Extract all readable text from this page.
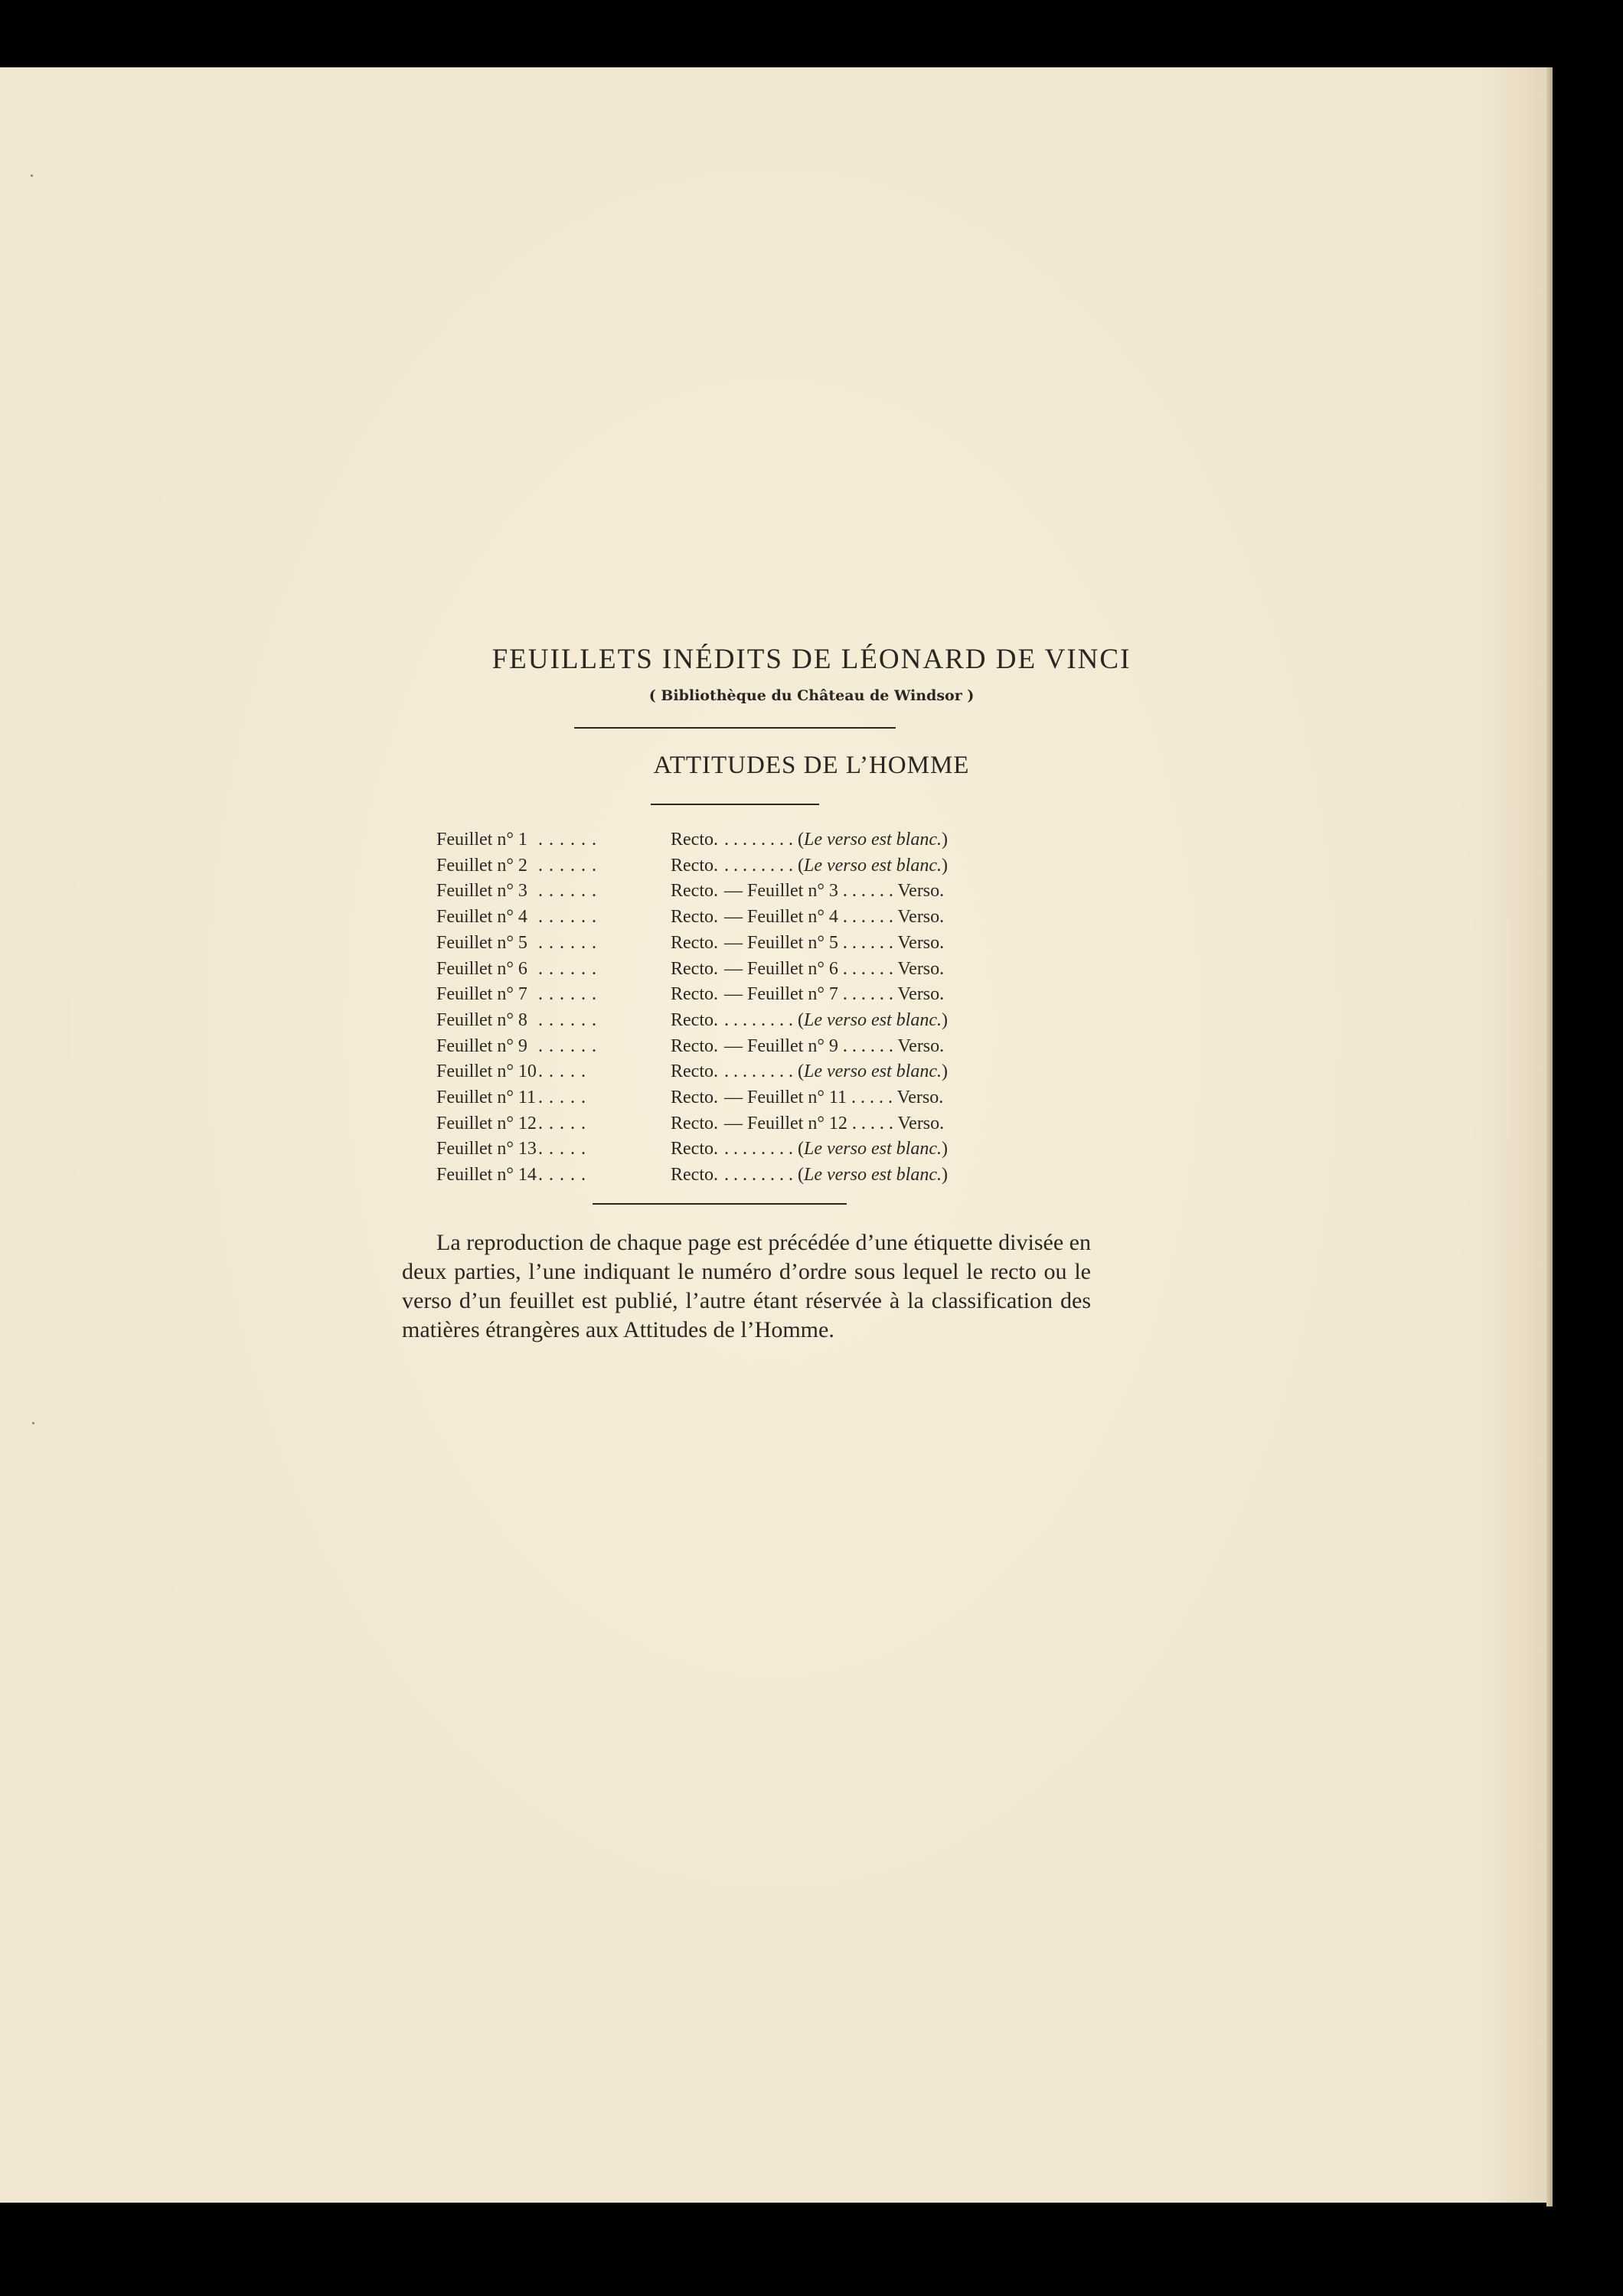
FEUILLETS INÉDITS DE LÉONARD DE VINCI
( Bibliothèque du Château de Windsor )
ATTITUDES DE L’HOMME
Feuillet n° 1 . . . . . .	Recto. . . . . . . . . (Le verso est blanc.)
Feuillet n° 2 . . . . . .	Recto. . . . . . . . . (Le verso est blanc.)
Feuillet n° 3 . . . . . .	Recto. — Feuillet n° 3 . . . . . . Verso.
Feuillet n° 4 . . . . . .	Recto. — Feuillet n° 4 . . . . . . Verso.
Feuillet n° 5 . . . . . .	Recto. — Feuillet n° 5 . . . . . . Verso.
Feuillet n° 6 . . . . . .	Recto. — Feuillet n° 6 . . . . . . Verso.
Feuillet n° 7 . . . . . .	Recto. — Feuillet n° 7 . . . . . . Verso.
Feuillet n° 8 . . . . . .	Recto. . . . . . . . . (Le verso est blanc.)
Feuillet n° 9 . . . . . .	Recto. — Feuillet n° 9 . . . . . . Verso.
Feuillet n° 10 . . . . .	Recto. . . . . . . . . (Le verso est blanc.)
Feuillet n° 11 . . . . .	Recto. — Feuillet n° 11 . . . . . Verso.
Feuillet n° 12 . . . . .	Recto. — Feuillet n° 12 . . . . . Verso.
Feuillet n° 13 . . . . .	Recto. . . . . . . . . (Le verso est blanc.)
Feuillet n° 14 . . . . .	Recto. . . . . . . . . (Le verso est blanc.)
La reproduction de chaque page est précédée d’une étiquette divisée en deux parties, l’une indiquant le numéro d’ordre sous lequel le recto ou le verso d’un feuillet est publié, l’autre étant réservée à la classification des matières étrangères aux Attitudes de l’Homme.
